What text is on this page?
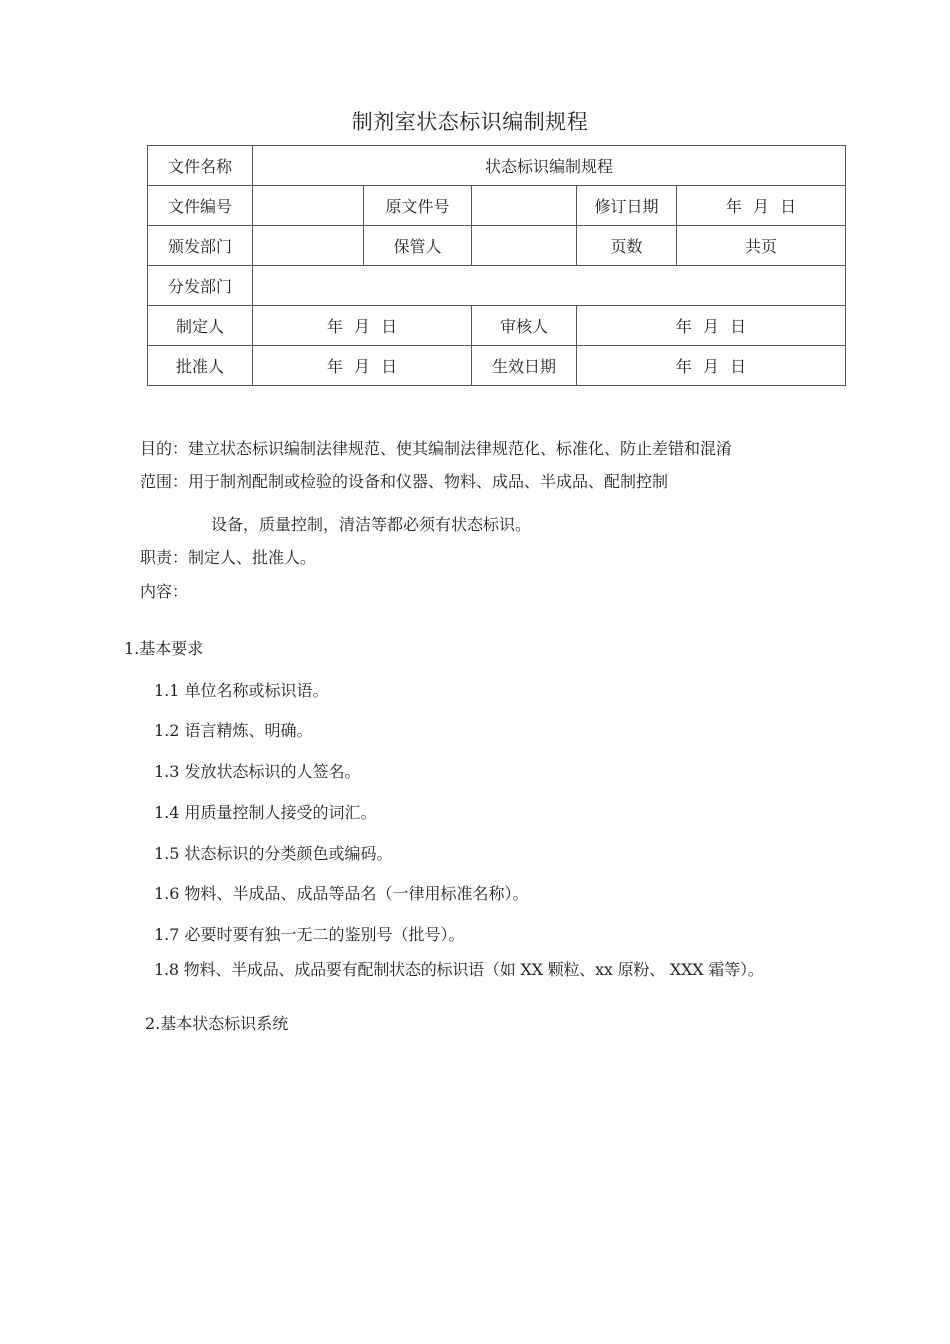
制剂室状态标识编制规程
文件名称	状态标识编制规程				
文件编号		原文件号		修订日期	年 月 日
颁发部门		保管人		页数	共页
分发部门					
制定人	年 月 日		审核人	年 月 日	
批准人	年 月 日		生效日期	年 月 日	
目的：建立状态标识编制法律规范、使其编制法律规范化、标准化、防止差错和混淆
范围：用于制剂配制或检验的设备和仪器、物料、成品、半成品、配制控制
设备，质量控制，清洁等都必须有状态标识。
职责：制定人、批准人。
内容：
1.基本要求
1.1 单位名称或标识语。
1.2 语言精炼、明确。
1.3 发放状态标识的人签名。
1.4 用质量控制人接受的词汇。
1.5 状态标识的分类颜色或编码。
1.6 物料、半成品、成品等品名（一律用标准名称）。
1.7 必要时要有独一无二的鉴别号（批号）。
1.8 物料、半成品、成品要有配制状态的标识语（如 XX 颗粒、xx 原粉、 XXX 霜等）。
2.基本状态标识系统
